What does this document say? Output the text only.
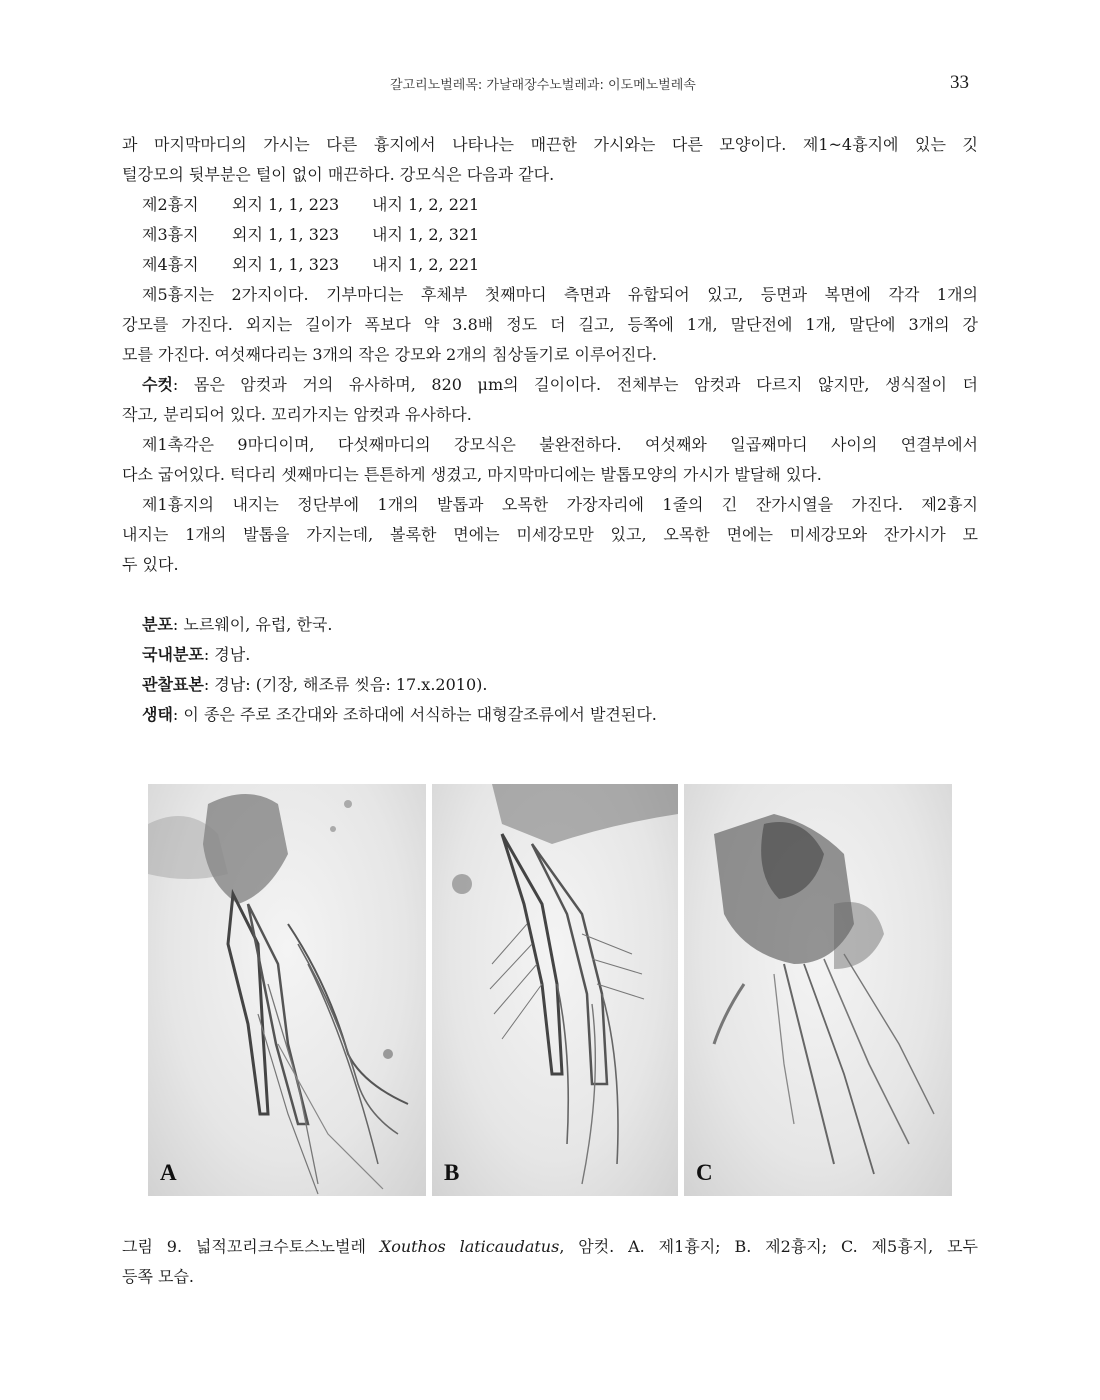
갈고리노벌레목: 가날래장수노벌레과: 이도메노벌레속	33
과 마지막마디의 가시는 다른 흉지에서 나타나는 매끈한 가시와는 다른 모양이다. 제1~4흉지에 있는 깃
털강모의 뒷부분은 털이 없이 매끈하다. 강모식은 다음과 같다.
제2흉지 외지 1, 1, 223 내지 1, 2, 221
제3흉지 외지 1, 1, 323 내지 1, 2, 321
제4흉지 외지 1, 1, 323 내지 1, 2, 221
제5흉지는 2가지이다. 기부마디는 후체부 첫째마디 측면과 유합되어 있고, 등면과 복면에 각각 1개의
강모를 가진다. 외지는 길이가 폭보다 약 3.8배 정도 더 길고, 등쪽에 1개, 말단전에 1개, 말단에 3개의 강
모를 가진다. 여섯째다리는 3개의 작은 강모와 2개의 침상돌기로 이루어진다.
수컷: 몸은 암컷과 거의 유사하며, 820 μm의 길이이다. 전체부는 암컷과 다르지 않지만, 생식절이 더
작고, 분리되어 있다. 꼬리가지는 암컷과 유사하다.
제1촉각은 9마디이며, 다섯째마디의 강모식은 불완전하다. 여섯째와 일곱째마디 사이의 연결부에서
다소 굽어있다. 턱다리 셋째마디는 튼튼하게 생겼고, 마지막마디에는 발톱모양의 가시가 발달해 있다.
제1흉지의 내지는 정단부에 1개의 발톱과 오목한 가장자리에 1줄의 긴 잔가시열을 가진다. 제2흉지
내지는 1개의 발톱을 가지는데, 볼록한 면에는 미세강모만 있고, 오목한 면에는 미세강모와 잔가시가 모
두 있다.
분포: 노르웨이, 유럽, 한국.
국내분포: 경남.
관찰표본: 경남: (기장, 해조류 씻음: 17.x.2010).
생태: 이 종은 주로 조간대와 조하대에 서식하는 대형갈조류에서 발견된다.
A	B	C
그림 9. 넓적꼬리크수토스노벌레 Xouthos laticaudatus, 암컷. A. 제1흉지; B. 제2흉지; C. 제5흉지, 모두
등쪽 모습.
